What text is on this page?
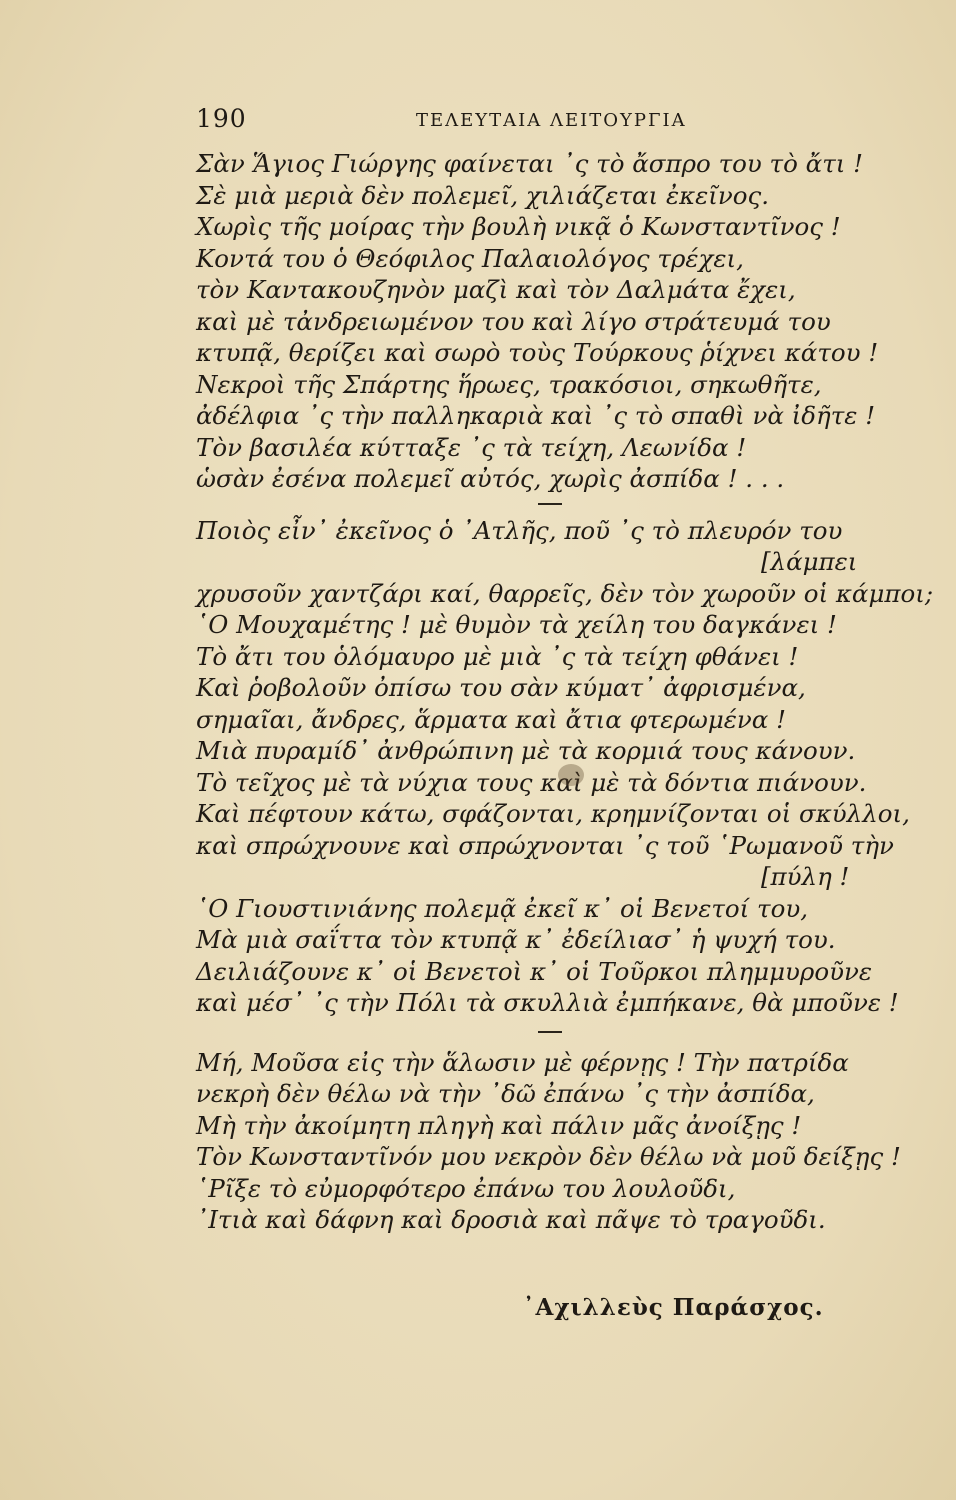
190	ΤΕΛΕΥΤΑΙΑ ΛΕΙΤΟΥΡΓΙΑ
Σὰν Ἅγιος Γιώργης φαίνεται ᾽ς τὸ ἄσπρο του τὸ ἄτι !
Σὲ μιὰ μεριὰ δὲν πολεμεῖ, χιλιάζεται ἐκεῖνος.
Χωρὶς τῆς μοίρας τὴν βουλὴ νικᾷ ὁ Κωνσταντῖνος !
Κοντά του ὁ Θεόφιλος Παλαιολόγος τρέχει,
τὸν Καντακουζηνὸν μαζὶ καὶ τὸν Δαλμάτα ἔχει,
καὶ μὲ τἀνδρειωμένον του καὶ λίγο στράτευμά του
κτυπᾷ, θερίζει καὶ σωρὸ τοὺς Τούρκους ῥίχνει κάτου !
Νεκροὶ τῆς Σπάρτης ἥρωες, τρακόσιοι, σηκωθῆτε,
ἀδέλφια ᾽ς τὴν παλληκαριὰ καὶ ᾽ς τὸ σπαθὶ νὰ ἰδῆτε !
Τὸν βασιλέα κύτταξε ᾽ς τὰ τείχη, Λεωνίδα !
ὡσὰν ἐσένα πολεμεῖ αὐτός, χωρὶς ἀσπίδα ! . . .
Ποιὸς εἶν᾽ ἐκεῖνος ὁ ᾽Ατλῆς, ποῦ ᾽ς τὸ πλευρόν του
[λάμπει
χρυσοῦν χαντζάρι καί, θαρρεῖς, δὲν τὸν χωροῦν οἱ κάμποι;
῾Ο Μουχαμέτης ! μὲ θυμὸν τὰ χείλη του δαγκάνει !
Τὸ ἄτι του ὁλόμαυρο μὲ μιὰ ᾽ς τὰ τείχη φθάνει !
Καὶ ῥοβολοῦν ὀπίσω του σὰν κύματ᾽ ἀφρισμένα,
σημαῖαι, ἄνδρες, ἅρματα καὶ ἄτια φτερωμένα !
Μιὰ πυραμίδ᾽ ἀνθρώπινη μὲ τὰ κορμιά τους κάνουν.
Τὸ τεῖχος μὲ τὰ νύχια τους καὶ μὲ τὰ δόντια πιάνουν.
Καὶ πέφτουν κάτω, σφάζονται, κρημνίζονται οἱ σκύλλοι,
καὶ σπρώχνουνε καὶ σπρώχνονται ᾽ς τοῦ ῾Ρωμανοῦ τὴν
[πύλη !
῾Ο Γιουστινιάνης πολεμᾷ ἐκεῖ κ᾽ οἱ Βενετοί του,
Μὰ μιὰ σαΐττα τὸν κτυπᾷ κ᾽ ἐδείλιασ᾽ ἡ ψυχή του.
Δειλιάζουνε κ᾽ οἱ Βενετοὶ κ᾽ οἱ Τοῦρκοι πλημμυροῦνε
καὶ μέσ᾽ ᾽ς τὴν Πόλι τὰ σκυλλιὰ ἐμπήκανε, θὰ μποῦνε !
Μή, Μοῦσα εἰς τὴν ἅλωσιν μὲ φέρνῃς ! Τὴν πατρίδα
νεκρὴ δὲν θέλω νὰ τὴν ᾽δῶ ἐπάνω ᾽ς τὴν ἀσπίδα,
Μὴ τὴν ἀκοίμητη πληγὴ καὶ πάλιν μᾶς ἀνοίξῃς !
Τὸν Κωνσταντῖνόν μου νεκρὸν δὲν θέλω νὰ μοῦ δείξῃς !
῾Ρῖξε τὸ εὐμορφότερο ἐπάνω του λουλοῦδι,
᾽Ιτιὰ καὶ δάφνη καὶ δροσιὰ καὶ πᾶψε τὸ τραγοῦδι.
᾽Αχιλλεὺς Παράσχος.
